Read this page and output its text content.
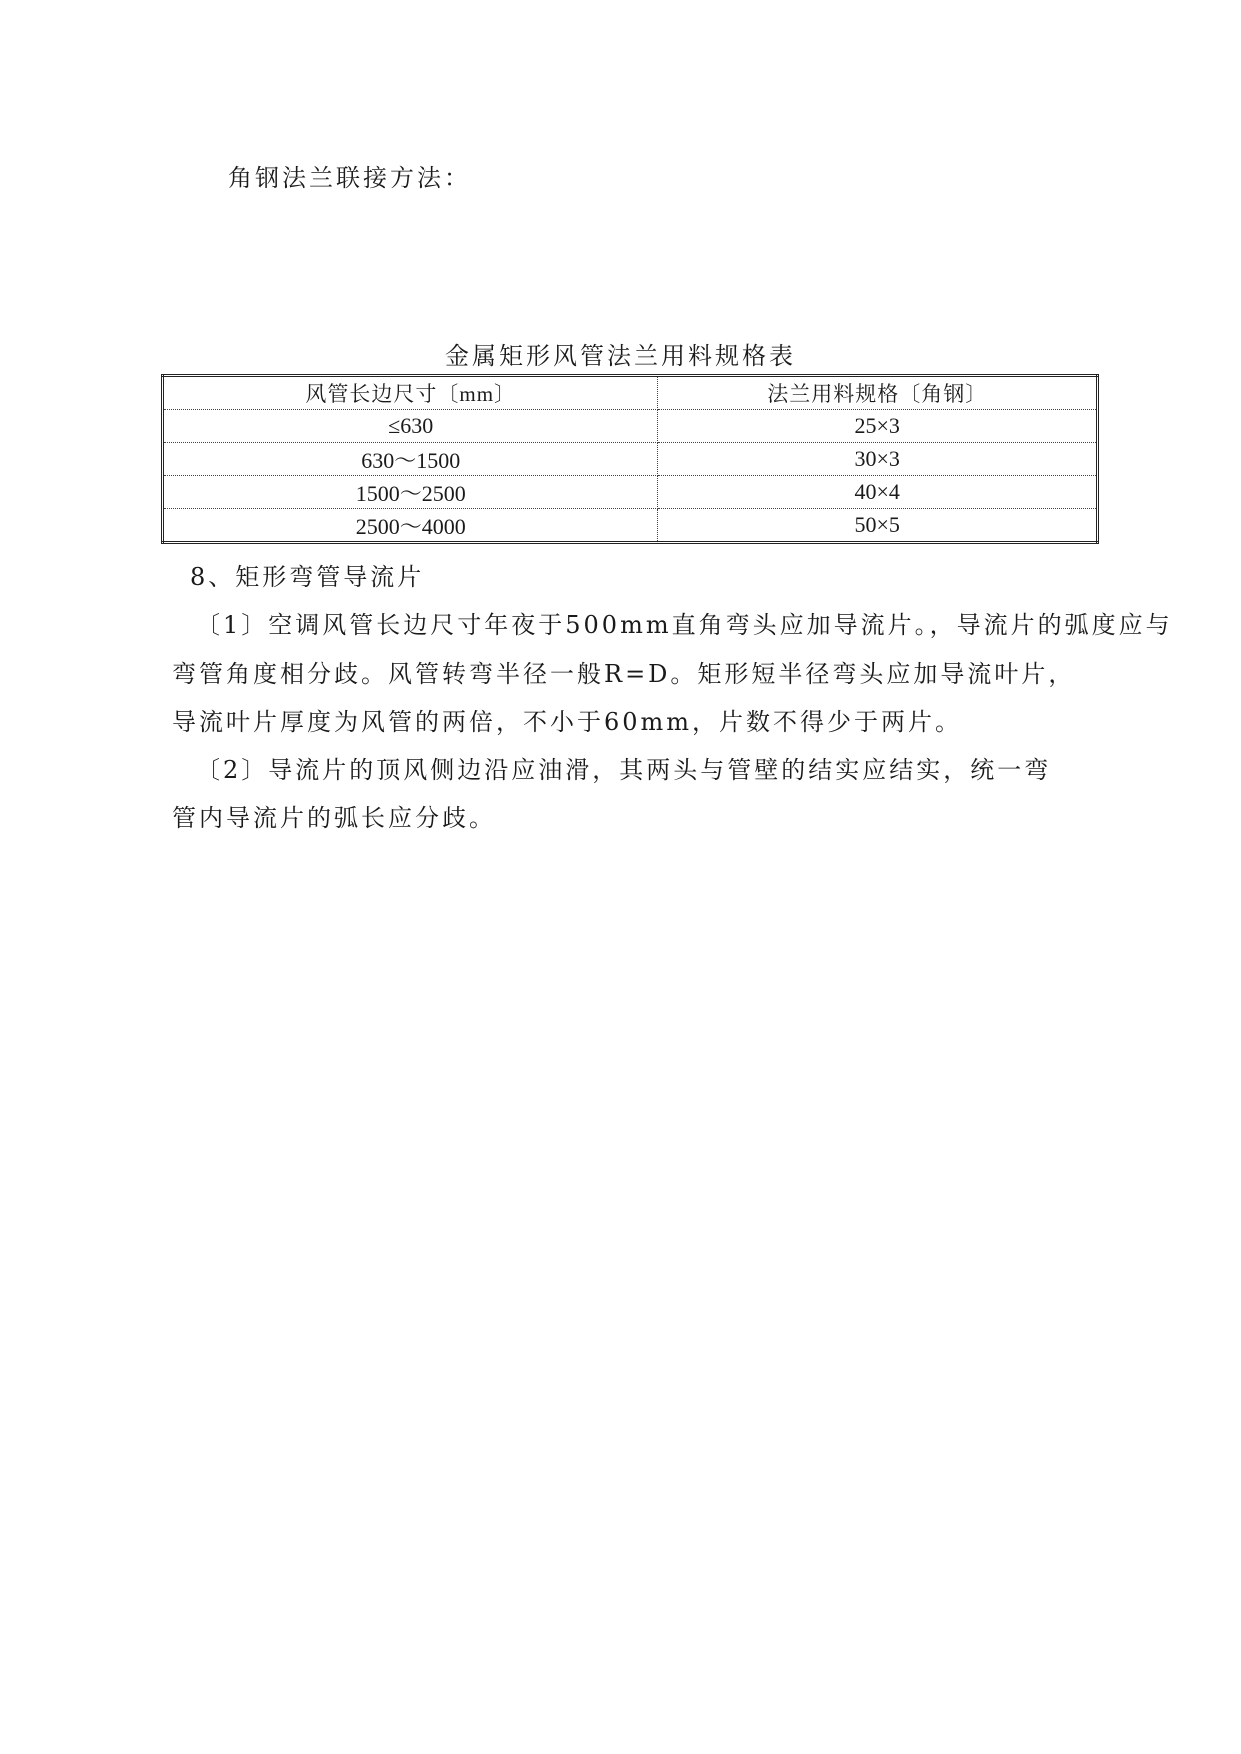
角钢法兰联接方法：
金属矩形风管法兰用料规格表
风管长边尺寸〔mm〕	法兰用料规格〔角钢〕
≤630	25×3
630～1500	30×3
1500～2500	40×4
2500～4000	50×5
8、矩形弯管导流片
〔1〕空调风管长边尺寸年夜于500mm直角弯头应加导流片。，导流片的弧度应与
弯管角度相分歧。风管转弯半径一般R=D。矩形短半径弯头应加导流叶片，
导流叶片厚度为风管的两倍，不小于60mm，片数不得少于两片。
〔2〕导流片的顶风侧边沿应油滑，其两头与管壁的结实应结实，统一弯
管内导流片的弧长应分歧。
